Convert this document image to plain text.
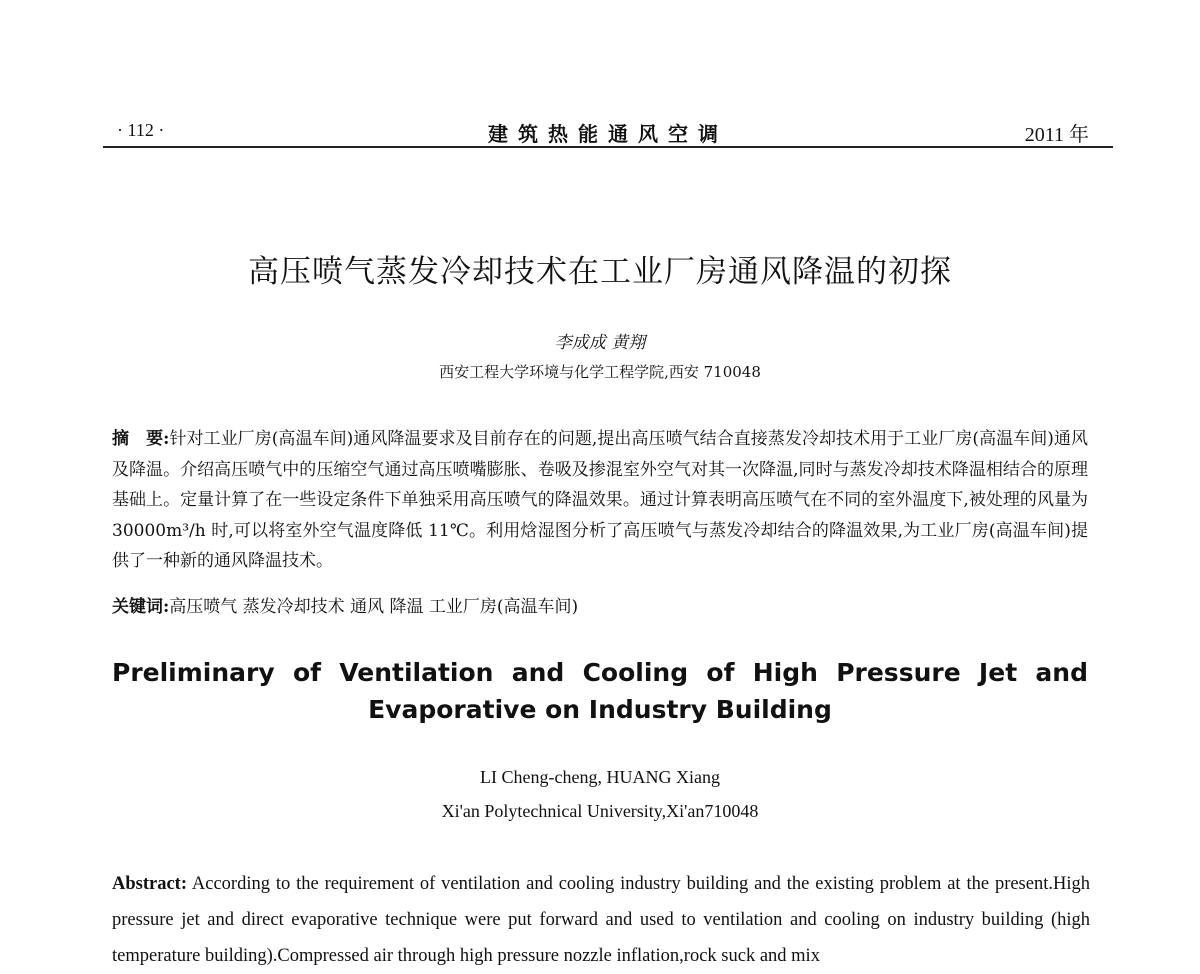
· 112 ·	建筑热能通风空调	2011 年
高压喷气蒸发冷却技术在工业厂房通风降温的初探
李成成 黄翔
西安工程大学环境与化学工程学院,西安 710048
摘　要:针对工业厂房(高温车间)通风降温要求及目前存在的问题,提出高压喷气结合直接蒸发冷却技术用于工业厂房(高温车间)通风及降温。介绍高压喷气中的压缩空气通过高压喷嘴膨胀、卷吸及掺混室外空气对其一次降温,同时与蒸发冷却技术降温相结合的原理基础上。定量计算了在一些设定条件下单独采用高压喷气的降温效果。通过计算表明高压喷气在不同的室外温度下,被处理的风量为 30000m³/h 时,可以将室外空气温度降低 11℃。利用焓湿图分析了高压喷气与蒸发冷却结合的降温效果,为工业厂房(高温车间)提供了一种新的通风降温技术。
关键词:高压喷气 蒸发冷却技术 通风 降温 工业厂房(高温车间)
Preliminary of Ventilation and Cooling of High Pressure Jet and
Evaporative on Industry Building
LI Cheng-cheng, HUANG Xiang
Xi'an Polytechnical University,Xi'an710048
Abstract: According to the requirement of ventilation and cooling industry building and the existing problem at the present.High pressure jet and direct evaporative technique were put forward and used to ventilation and cooling on industry building (high temperature building).Compressed air through high pressure nozzle inflation,rock suck and mix
